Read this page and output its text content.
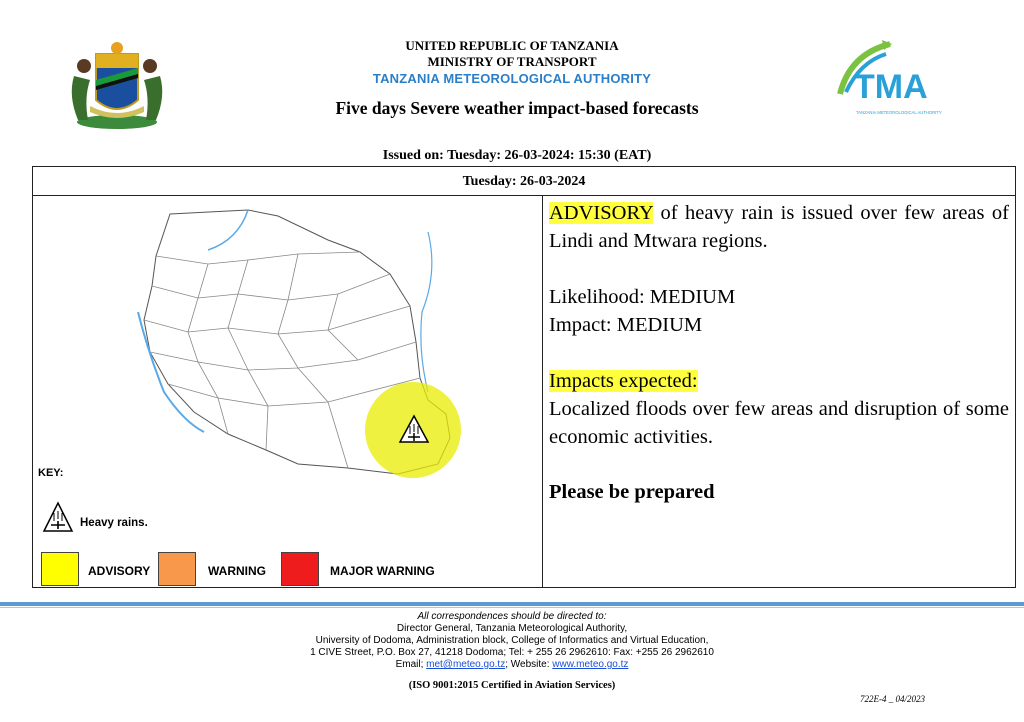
TMA
TANZANIA METEOROLOGICAL AUTHORITY
UNITED REPUBLIC OF TANZANIA
MINISTRY OF TRANSPORT
TANZANIA METEOROLOGICAL AUTHORITY
Five days Severe weather impact-based forecasts
Issued on: Tuesday: 26-03-2024: 15:30 (EAT)
Tuesday: 26-03-2024
KEY:
Heavy rains.
ADVISORY	WARNING	MAJOR WARNING
ADVISORY of heavy rain is issued over few areas of Lindi and Mtwara regions.
Likelihood: MEDIUM
Impact: MEDIUM
Impacts expected:
Localized floods over few areas and disruption of some economic activities.
Please be prepared
All correspondences should be directed to:
Director General, Tanzania Meteorological Authority,
University of Dodoma, Administration block, College of Informatics and Virtual Education,
1 CIVE Street, P.O. Box 27, 41218 Dodoma; Tel: + 255 26 2962610: Fax: +255 26 2962610
Email; met@meteo.go.tz; Website: www.meteo.go.tz
(ISO 9001:2015 Certified in Aviation Services)
722E-4 _ 04/2023
